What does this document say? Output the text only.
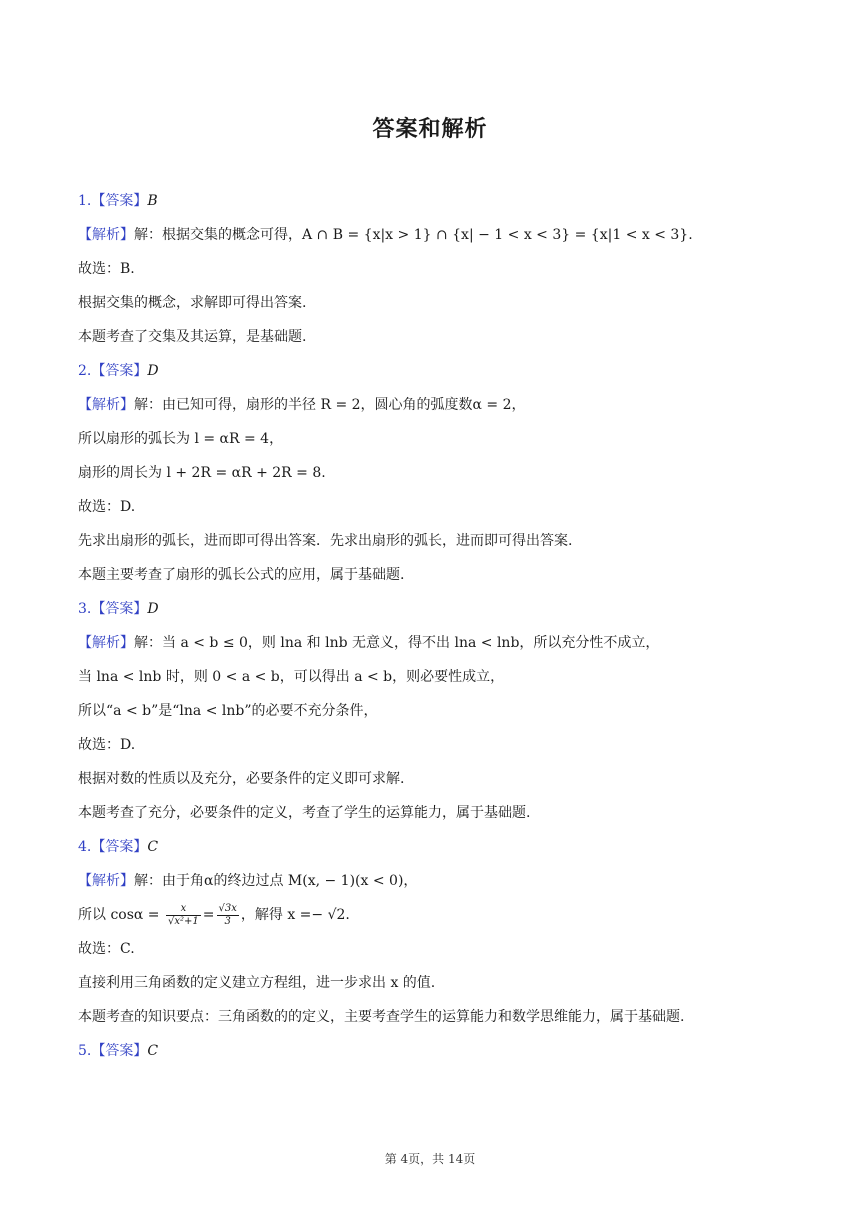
答案和解析
1.【答案】B
【解析】解：根据交集的概念可得，A ∩ B = {x|x > 1} ∩ {x| − 1 < x < 3} = {x|1 < x < 3}.
故选：B.
根据交集的概念，求解即可得出答案.
本题考查了交集及其运算，是基础题.
2.【答案】D
【解析】解：由已知可得，扇形的半径 R = 2，圆心角的弧度数α = 2，
所以扇形的弧长为 l = αR = 4，
扇形的周长为 l + 2R = αR + 2R = 8.
故选：D.
先求出扇形的弧长，进而即可得出答案．先求出扇形的弧长，进而即可得出答案.
本题主要考查了扇形的弧长公式的应用，属于基础题.
3.【答案】D
【解析】解：当 a < b ≤ 0，则 lna 和 lnb 无意义，得不出 lna < lnb，所以充分性不成立，
当 lna < lnb 时，则 0 < a < b，可以得出 a < b，则必要性成立，
所以“a < b”是“lna < lnb”的必要不充分条件，
故选：D.
根据对数的性质以及充分，必要条件的定义即可求解.
本题考查了充分，必要条件的定义，考查了学生的运算能力，属于基础题.
4.【答案】C
【解析】解：由于角α的终边过点 M(x, − 1)(x < 0)，
所以 $\cos\alpha = \frac{x}{\text{√x²+1}} = \frac{√3x}{3}$ ，解得 x =− √2.
故选：C.
直接利用三角函数的定义建立方程组，进一步求出 x 的值.
本题考查的知识要点：三角函数的的定义，主要考查学生的运算能力和数学思维能力，属于基础题.
5.【答案】C
第 4页，共 14页
